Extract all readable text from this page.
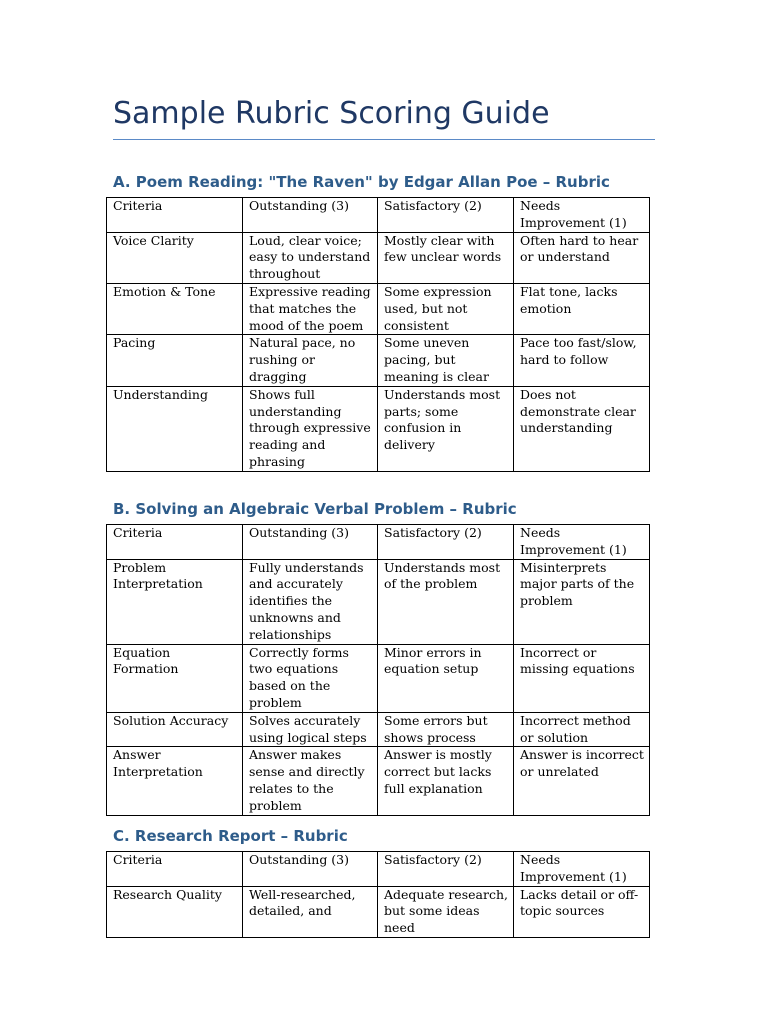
Sample Rubric Scoring Guide
A. Poem Reading: "The Raven" by Edgar Allan Poe – Rubric
Criteria	Outstanding (3)	Satisfactory (2)	Needs Improvement (1)
Voice Clarity	Loud, clear voice; easy to understand throughout	Mostly clear with few unclear words	Often hard to hear or understand
Emotion & Tone	Expressive reading that matches the mood of the poem	Some expression used, but not consistent	Flat tone, lacks emotion
Pacing	Natural pace, no rushing or dragging	Some uneven pacing, but meaning is clear	Pace too fast/slow, hard to follow
Understanding	Shows full understanding through expressive reading and phrasing	Understands most parts; some confusion in delivery	Does not demonstrate clear understanding
B. Solving an Algebraic Verbal Problem – Rubric
Criteria	Outstanding (3)	Satisfactory (2)	Needs Improvement (1)
Problem Interpretation	Fully understands and accurately identifies the unknowns and relationships	Understands most of the problem	Misinterprets major parts of the problem
Equation Formation	Correctly forms two equations based on the problem	Minor errors in equation setup	Incorrect or missing equations
Solution Accuracy	Solves accurately using logical steps	Some errors but shows process	Incorrect method or solution
Answer Interpretation	Answer makes sense and directly relates to the problem	Answer is mostly correct but lacks full explanation	Answer is incorrect or unrelated
C. Research Report – Rubric
Criteria	Outstanding (3)	Satisfactory (2)	Needs Improvement (1)
Research Quality	Well-researched, detailed, and	Adequate research, but some ideas need	Lacks detail or off-topic sources
